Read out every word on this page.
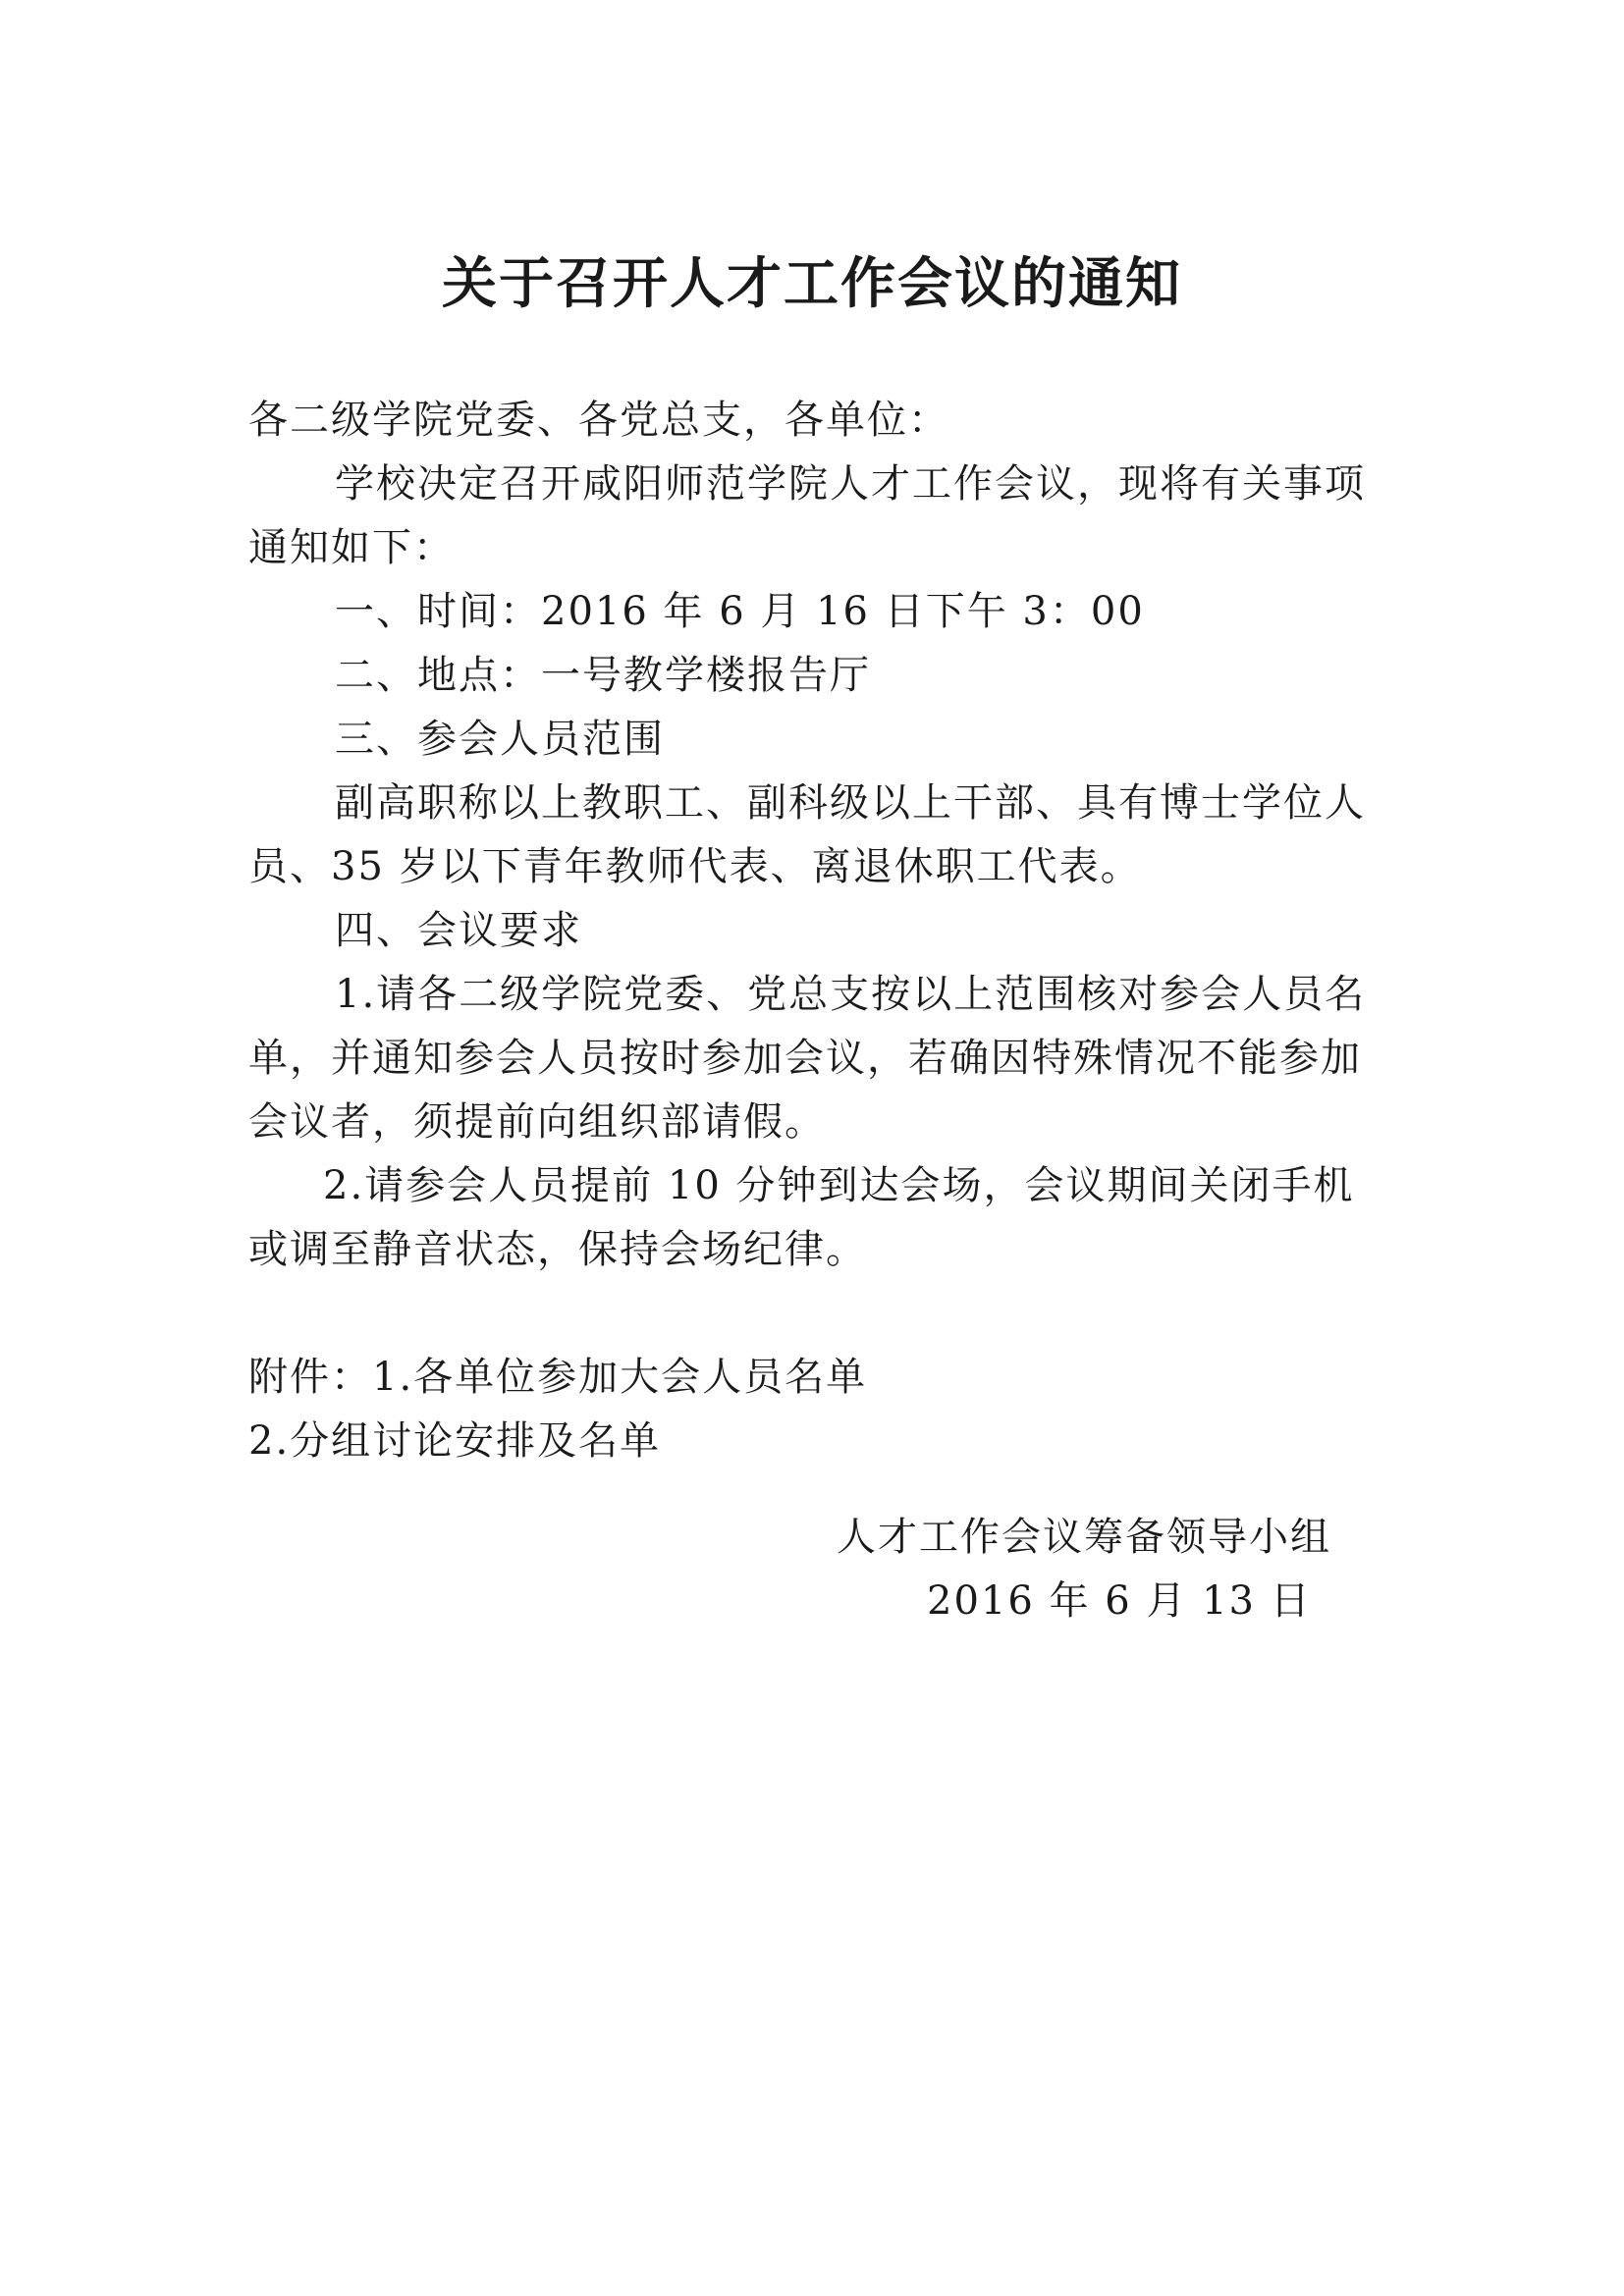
关于召开人才工作会议的通知

各二级学院党委、各党总支，各单位：

学校决定召开咸阳师范学院人才工作会议，现将有关事项通知如下：

一、时间：2016 年 6 月 16 日下午 3：00

二、地点：一号教学楼报告厅

三、参会人员范围

副高职称以上教职工、副科级以上干部、具有博士学位人员、35 岁以下青年教师代表、离退休职工代表。

四、会议要求

1.请各二级学院党委、党总支按以上范围核对参会人员名单，并通知参会人员按时参加会议，若确因特殊情况不能参加会议者，须提前向组织部请假。

2.请参会人员提前 10 分钟到达会场，会议期间关闭手机或调至静音状态，保持会场纪律。

附件：1.各单位参加大会人员名单

2.分组讨论安排及名单

人才工作会议筹备领导小组
2016 年 6 月 13 日
